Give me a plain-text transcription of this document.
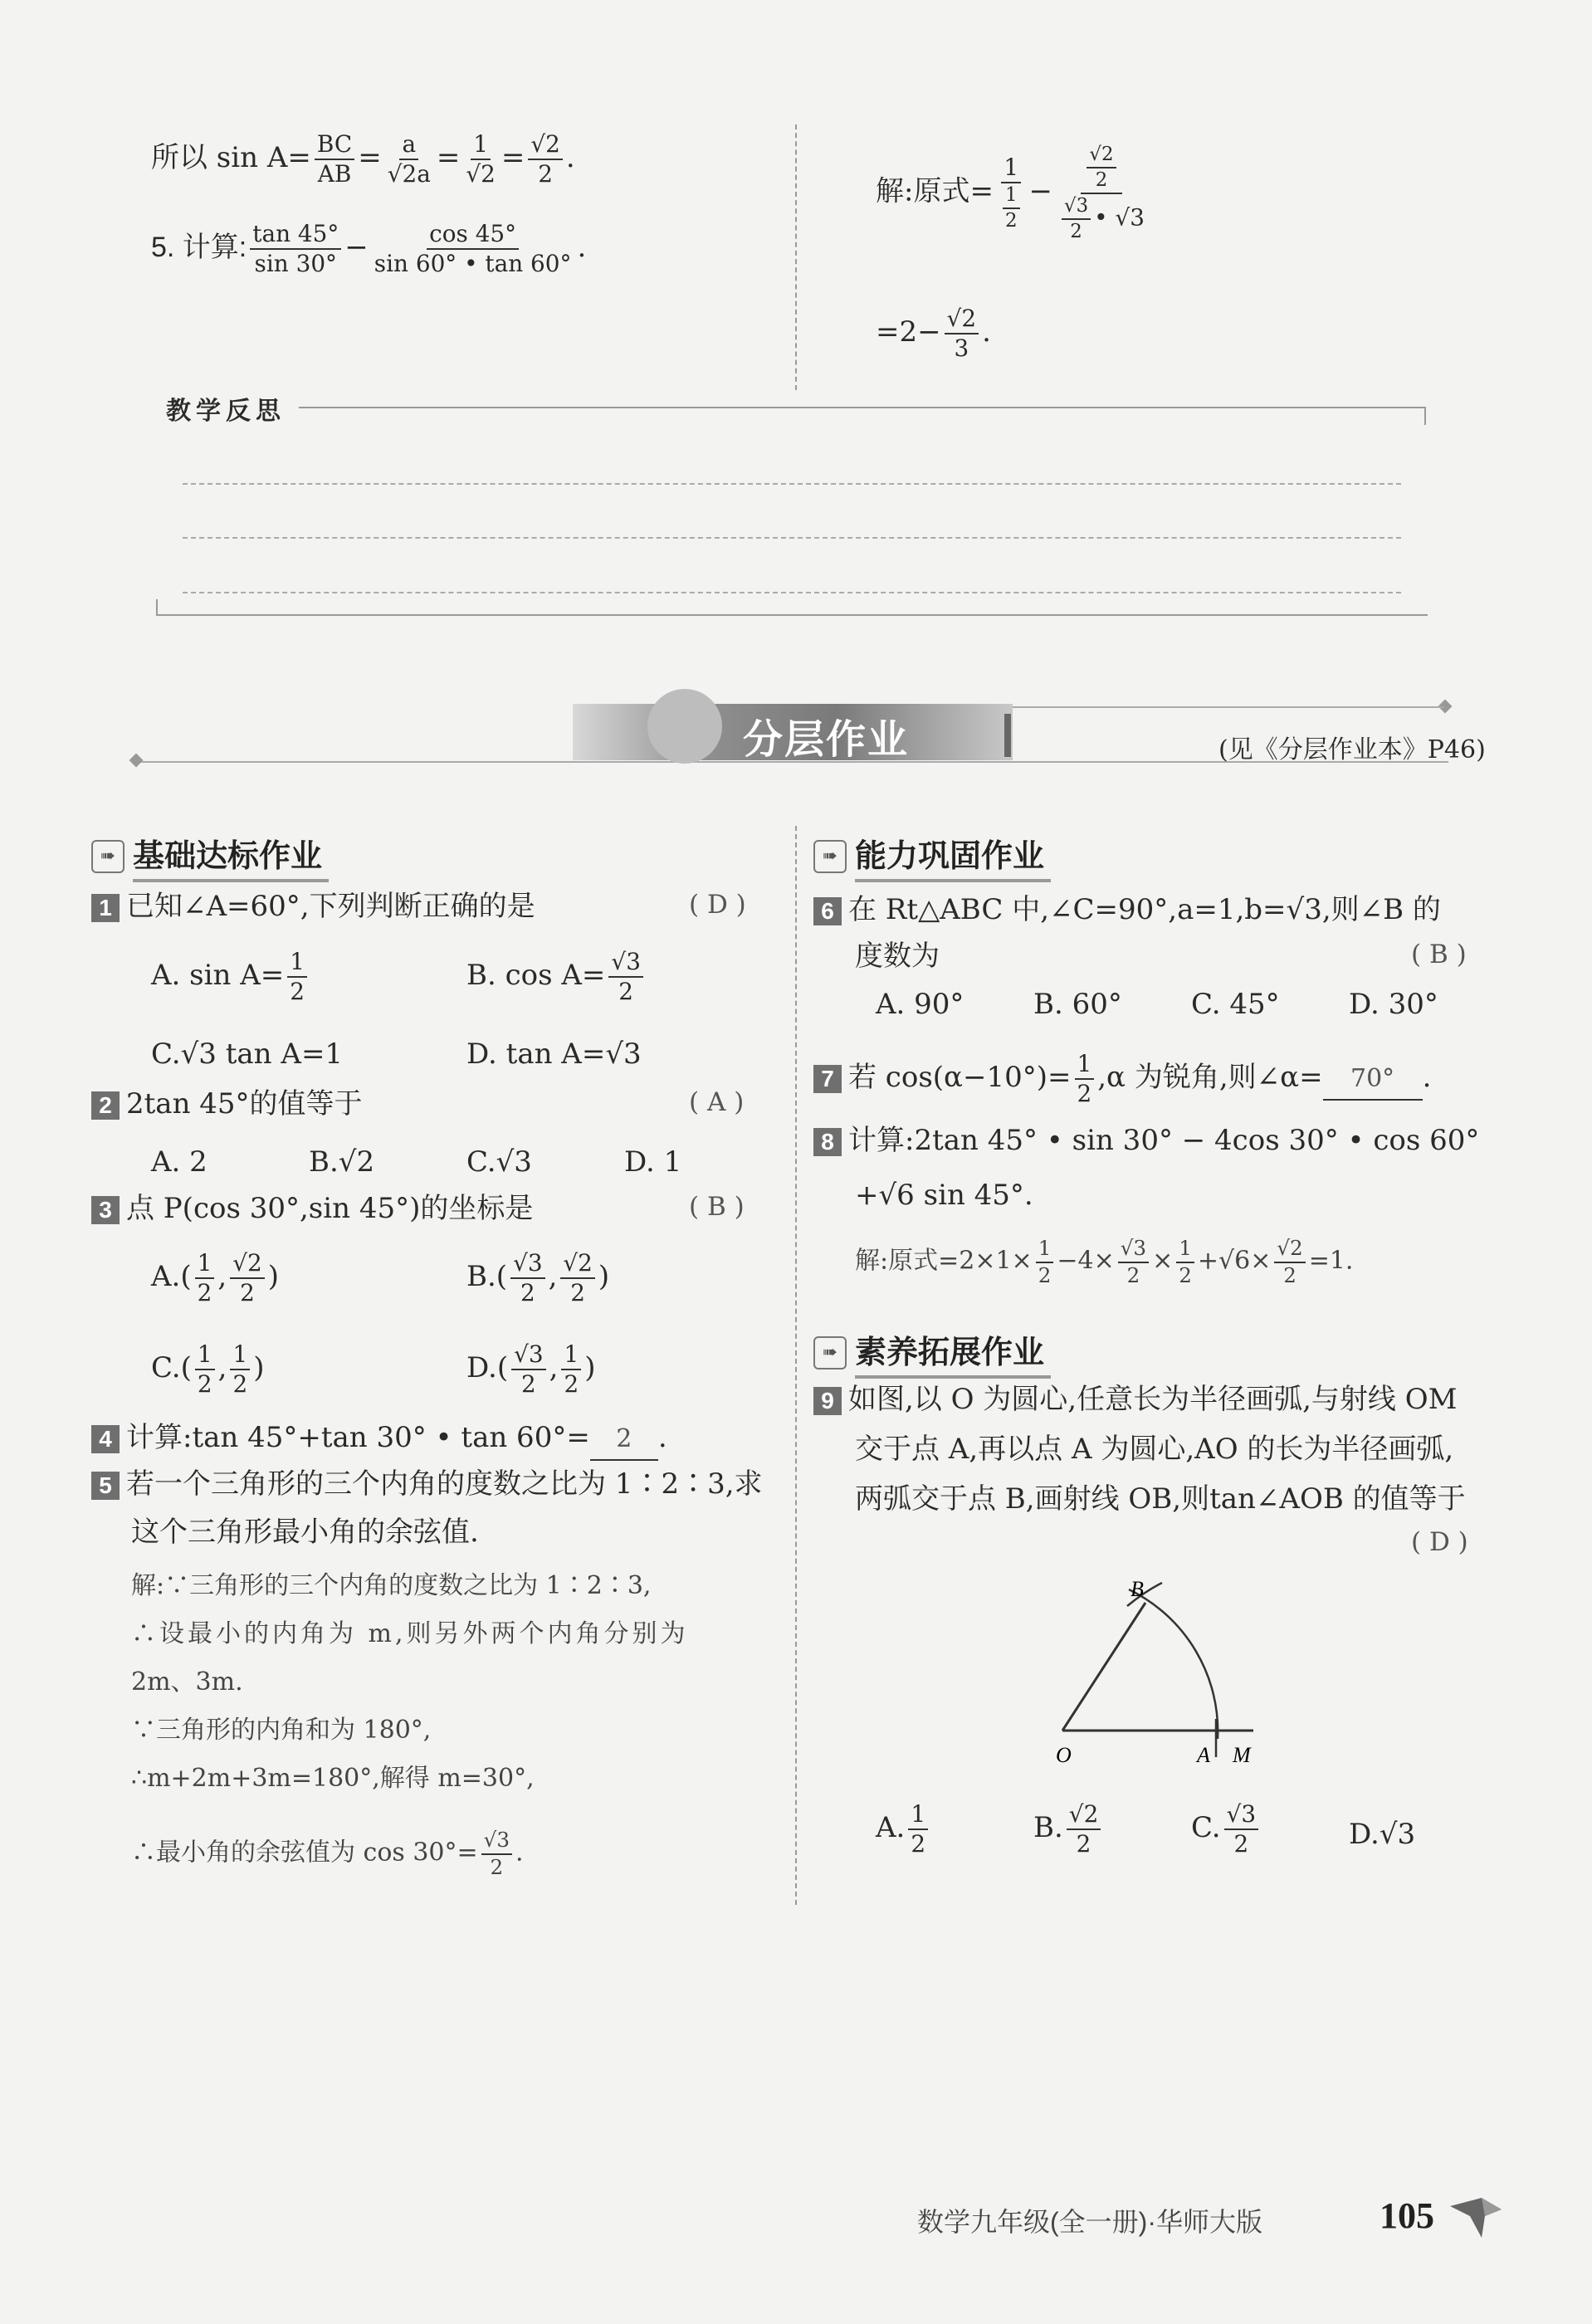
所以 $\sin A= \frac{BC}{AB} = \frac{a}{√2a} = \frac{1}{√2} = \frac{√2}{2}$ .
5. 计算: $\frac{\tan 45^\circ}{\sin 30^\circ} - \frac{\cos 45^\circ}{\sin 60^\circ • \tan 60^\circ}$ .
解:原式= $\frac{1}{\frac{1}{2}} - \frac{\frac{√2}{2}}{\frac{√3}{2} • √3}$
$=2- \frac{√2}{3}$ .
教学反思
分层作业	(见《分层作业本》P46)
➠ 基础达标作业
1 已知∠A=60°,下列判断正确的是	( D )
A. $\sin A= \frac{1}{2}$	B. $\cos A= \frac{√3}{2}$
C.√3 tan A=1	D. tan A=√3
2 2tan 45°的值等于	( A )
A. 2	B.√2	C.√3	D. 1
3 点 P(cos 30°,sin 45°)的坐标是	( B )
$A.( \frac{1}{2}$ , $\frac{√2}{2}$ )	$B.( \frac{√3}{2}$ , $\frac{√2}{2}$ )
$C.( \frac{1}{2}$ , $\frac{1}{2}$ )	$D.( \frac{√3}{2}$ , $\frac{1}{2}$ )
4 计算:tan 45°+tan 30° • tan 60°= 2 .
5 若一个三角形的三个内角的度数之比为 1∶2∶3,求
这个三角形最小角的余弦值.
解:∵三角形的三个内角的度数之比为 1∶2∶3,
∴设最小的内角为 m,则另外两个内角分别为
2m、3m.
∵三角形的内角和为 180°,
∴m+2m+3m=180°,解得 m=30°,
∴最小角的余弦值为 $\cos 30^\circ= \frac{√3}{2}$ .
➠ 能力巩固作业
6 在 Rt△ABC 中,∠C=90°,a=1,b=√3,则∠B 的
度数为	( B )
A. 90° B. 60° C. 45° D. 30°
7 若 $\cos(\alpha-10^\circ)= \frac{1}{2} ,\alpha$ 为锐角,则∠α= 70° .
8 计算:2tan 45° • sin 30° − 4cos 30° • cos 60°
+√6 sin 45°.
解:原式$=2\times 1\times \frac{1}{2} -4\times \frac{√3}{2} \times \frac{1}{2} +√6\times \frac{√2}{2} =1$.
➠ 素养拓展作业
9 如图,以 O 为圆心,任意长为半径画弧,与射线 OM
交于点 A,再以点 A 为圆心,AO 的长为半径画弧,
两弧交于点 B,画射线 OB,则tan∠AOB 的值等于
( D )
B
O	A M
A. $\frac{1}{2}$	B. $\frac{√2}{2}$	C. $\frac{√3}{2}$	D.√3
数学九年级(全一册)·华师大版	105
